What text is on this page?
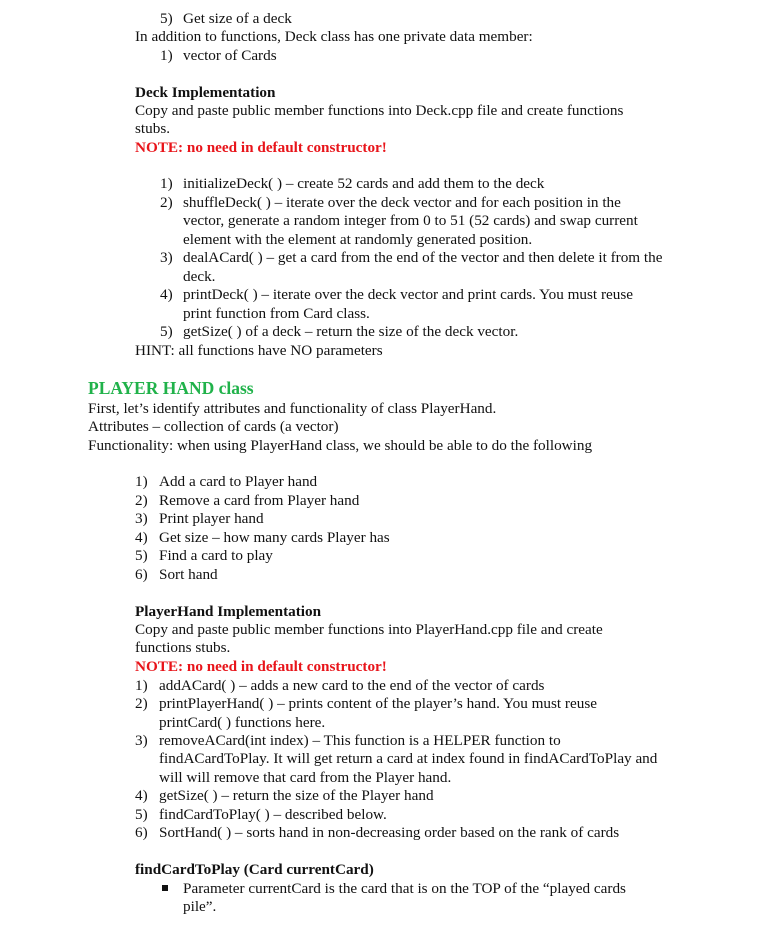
5) Get size of a deck
In addition to functions, Deck class has one private data member:
1) vector of Cards
Deck Implementation
Copy and paste public member functions into Deck.cpp file and create functions
stubs.
NOTE: no need in default constructor!
1) initializeDeck( ) – create 52 cards and add them to the deck
2) shuffleDeck( ) – iterate over the deck vector and for each position in the
vector, generate a random integer from 0 to 51 (52 cards) and swap current
element with the element at randomly generated position.
3) dealACard( ) – get a card from the end of the vector and then delete it from the
deck.
4) printDeck( ) – iterate over the deck vector and print cards. You must reuse
print function from Card class.
5) getSize( ) of a deck – return the size of the deck vector.
HINT: all functions have NO parameters
PLAYER HAND class
First, let’s identify attributes and functionality of class PlayerHand.
Attributes – collection of cards (a vector)
Functionality: when using PlayerHand class, we should be able to do the following
1) Add a card to Player hand
2) Remove a card from Player hand
3) Print player hand
4) Get size – how many cards Player has
5) Find a card to play
6) Sort hand
PlayerHand Implementation
Copy and paste public member functions into PlayerHand.cpp file and create
functions stubs.
NOTE: no need in default constructor!
1) addACard( ) – adds a new card to the end of the vector of cards
2) printPlayerHand( ) – prints content of the player’s hand. You must reuse
printCard( ) functions here.
3) removeACard(int index) – This function is a HELPER function to
findACardToPlay. It will get return a card at index found in findACardToPlay and
will will remove that card from the Player hand.
4) getSize( ) – return the size of the Player hand
5) findCardToPlay( ) – described below.
6) SortHand( ) – sorts hand in non-decreasing order based on the rank of cards
findCardToPlay (Card currentCard)
Parameter currentCard is the card that is on the TOP of the “played cards
pile”.
